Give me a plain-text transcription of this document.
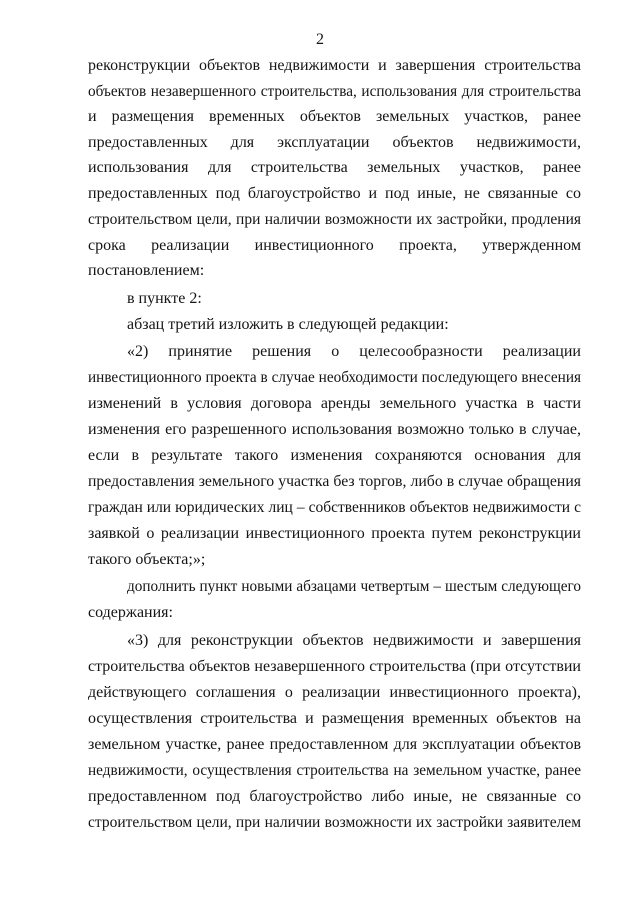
2
реконструкции объектов недвижимости и завершения строительства
объектов незавершенного строительства, использования для строительства
и размещения временных объектов земельных участков, ранее
предоставленных для эксплуатации объектов недвижимости,
использования для строительства земельных участков, ранее
предоставленных под благоустройство и под иные, не связанные со
строительством цели, при наличии возможности их застройки, продления
срока реализации инвестиционного проекта, утвержденном
постановлением:
в пункте 2:
абзац третий изложить в следующей редакции:
«2) принятие решения о целесообразности реализации
инвестиционного проекта в случае необходимости последующего внесения
изменений в условия договора аренды земельного участка в части
изменения его разрешенного использования возможно только в случае,
если в результате такого изменения сохраняются основания для
предоставления земельного участка без торгов, либо в случае обращения
граждан или юридических лиц – собственников объектов недвижимости с
заявкой о реализации инвестиционного проекта путем реконструкции
такого объекта;»;
дополнить пункт новыми абзацами четвертым – шестым следующего
содержания:
«3) для реконструкции объектов недвижимости и завершения
строительства объектов незавершенного строительства (при отсутствии
действующего соглашения о реализации инвестиционного проекта),
осуществления строительства и размещения временных объектов на
земельном участке, ранее предоставленном для эксплуатации объектов
недвижимости, осуществления строительства на земельном участке, ранее
предоставленном под благоустройство либо иные, не связанные со
строительством цели, при наличии возможности их застройки заявителем
